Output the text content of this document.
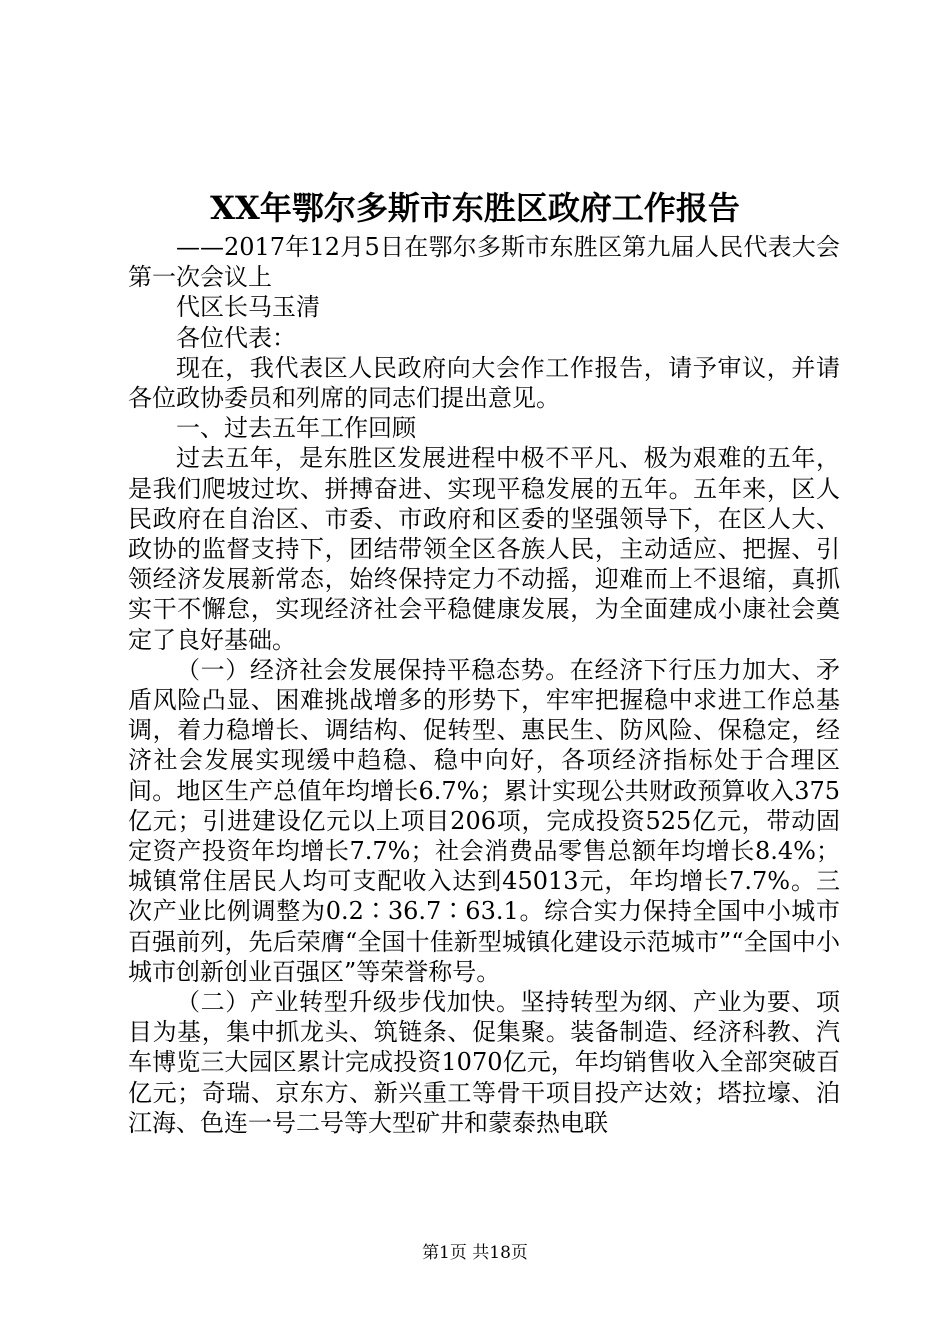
XX年鄂尔多斯市东胜区政府工作报告

——2017年12月5日在鄂尔多斯市东胜区第九届人民代表大会第一次会议上

代区长马玉清

各位代表：

现在，我代表区人民政府向大会作工作报告，请予审议，并请各位政协委员和列席的同志们提出意见。

一、过去五年工作回顾

过去五年，是东胜区发展进程中极不平凡、极为艰难的五年，是我们爬坡过坎、拼搏奋进、实现平稳发展的五年。五年来，区人民政府在自治区、市委、市政府和区委的坚强领导下，在区人大、政协的监督支持下，团结带领全区各族人民，主动适应、把握、引领经济发展新常态，始终保持定力不动摇，迎难而上不退缩，真抓实干不懈怠，实现经济社会平稳健康发展，为全面建成小康社会奠定了良好基础。

（一）经济社会发展保持平稳态势。在经济下行压力加大、矛盾风险凸显、困难挑战增多的形势下，牢牢把握稳中求进工作总基调，着力稳增长、调结构、促转型、惠民生、防风险、保稳定，经济社会发展实现缓中趋稳、稳中向好，各项经济指标处于合理区间。地区生产总值年均增长6.7%；累计实现公共财政预算收入375亿元；引进建设亿元以上项目206项，完成投资525亿元，带动固定资产投资年均增长7.7%；社会消费品零售总额年均增长8.4%；城镇常住居民人均可支配收入达到45013元，年均增长7.7%。三次产业比例调整为0.2∶36.7∶63.1。综合实力保持全国中小城市百强前列，先后荣膺“全国十佳新型城镇化建设示范城市”“全国中小城市创新创业百强区”等荣誉称号。

（二）产业转型升级步伐加快。坚持转型为纲、产业为要、项目为基，集中抓龙头、筑链条、促集聚。装备制造、经济科教、汽车博览三大园区累计完成投资1070亿元，年均销售收入全部突破百亿元；奇瑞、京东方、新兴重工等骨干项目投产达效；塔拉壕、泊江海、色连一号二号等大型矿井和蒙泰热电联

第1页 共18页
